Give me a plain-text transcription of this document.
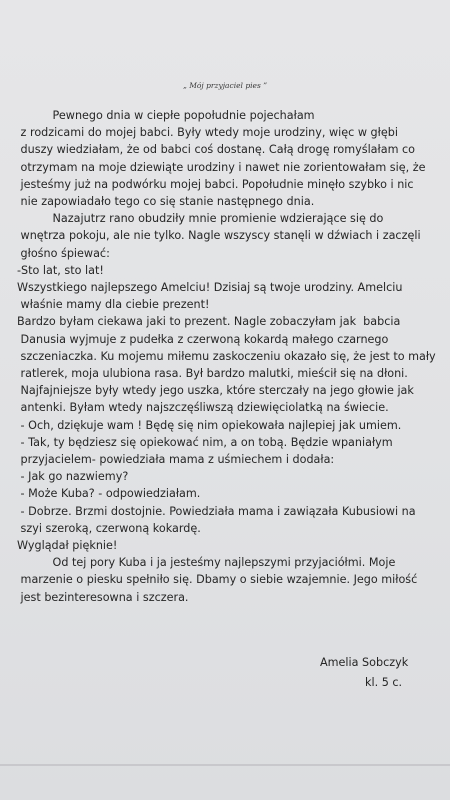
„ Mój przyjaciel pies ”
Pewnego dnia w ciepłe popołudnie pojechałam
z rodzicami do mojej babci. Były wtedy moje urodziny, więc w głębi
duszy wiedziałam, że od babci coś dostanę. Całą drogę romyślałam co
otrzymam na moje dziewiąte urodziny i nawet nie zorientowałam się, że
jesteśmy już na podwórku mojej babci. Popołudnie minęło szybko i nic
nie zapowiadało tego co się stanie następnego dnia.
Nazajutrz rano obudziły mnie promienie wdzierające się do
wnętrza pokoju, ale nie tylko. Nagle wszyscy stanęli w dźwiach i zaczęli
głośno śpiewać:
-Sto lat, sto lat!
Wszystkiego najlepszego Amelciu! Dzisiaj są twoje urodziny. Amelciu
właśnie mamy dla ciebie prezent!
Bardzo byłam ciekawa jaki to prezent. Nagle zobaczyłam jak  babcia
Danusia wyjmuje z pudełka z czerwoną kokardą małego czarnego
szczeniaczka. Ku mojemu miłemu zaskoczeniu okazało się, że jest to mały
ratlerek, moja ulubiona rasa. Był bardzo malutki, mieścił się na dłoni.
Najfajniejsze były wtedy jego uszka, które sterczały na jego głowie jak
antenki. Byłam wtedy najszczęśliwszą dziewięciolatką na świecie.
- Och, dziękuje wam ! Będę się nim opiekowała najlepiej jak umiem.
- Tak, ty będziesz się opiekować nim, a on tobą. Będzie wpaniałym
przyjacielem- powiedziała mama z uśmiechem i dodała:
- Jak go nazwiemy?
- Może Kuba? - odpowiedziałam.
- Dobrze. Brzmi dostojnie. Powiedziała mama i zawiązała Kubusiowi na
szyi szeroką, czerwoną kokardę.
Wyglądał pięknie!
Od tej pory Kuba i ja jesteśmy najlepszymi przyjaciółmi. Moje
marzenie o piesku spełniło się. Dbamy o siebie wzajemnie. Jego miłość
jest bezinteresowna i szczera.
Amelia Sobczyk
kl. 5 c.
